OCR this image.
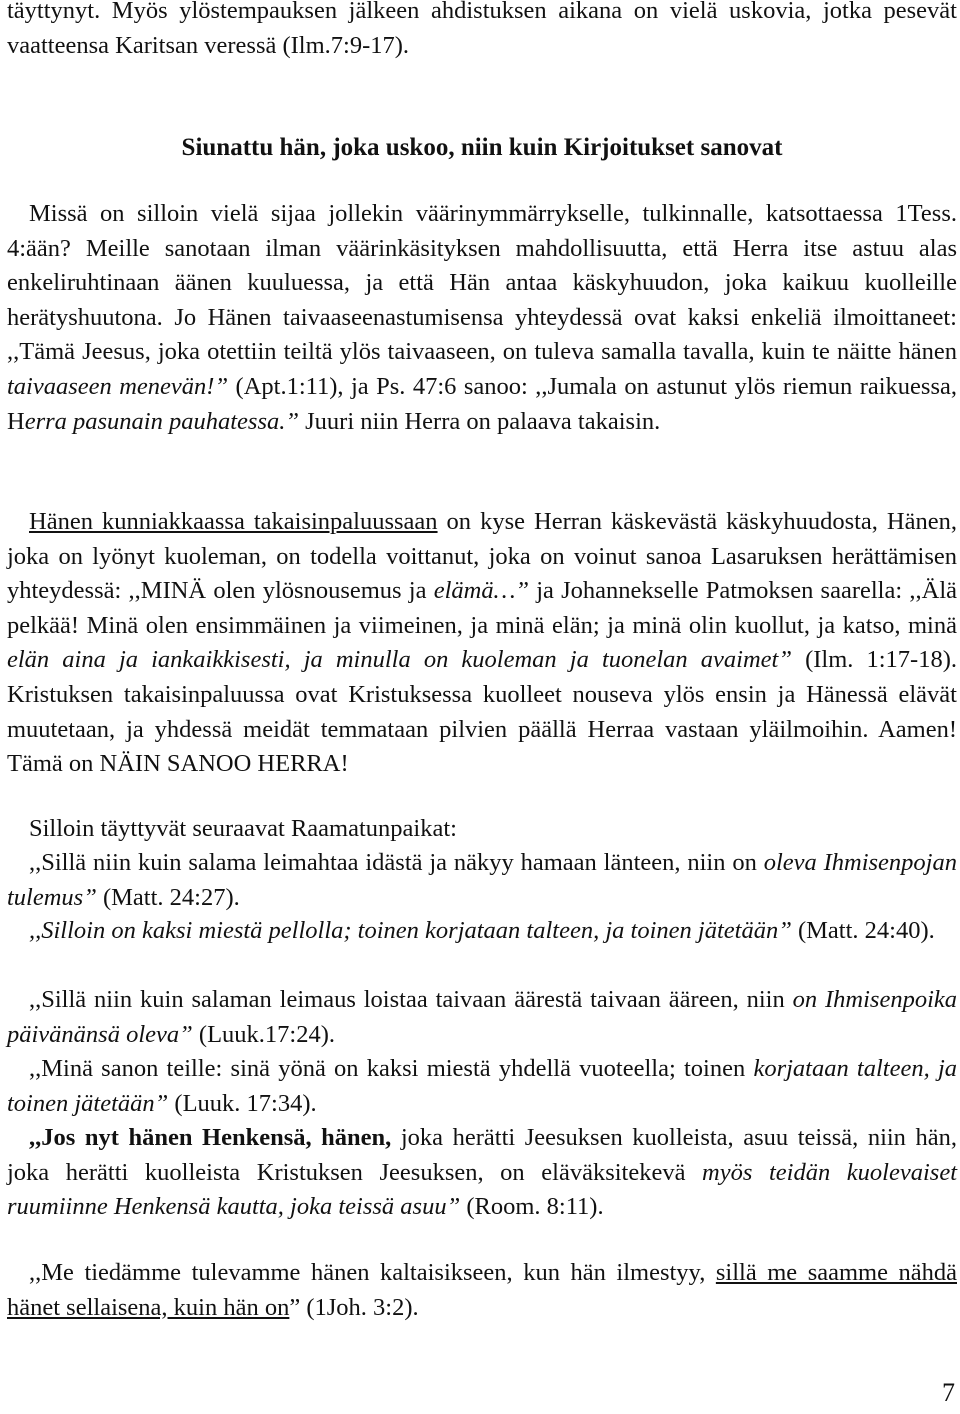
täyttynyt. Myös ylöstempauksen jälkeen ahdistuksen aikana on vielä uskovia, jotka pesevät vaatteensa Karitsan veressä (Ilm.7:9-17).

Siunattu hän, joka uskoo, niin kuin Kirjoitukset sanovat

Missä on silloin vielä sijaa jollekin väärinymmärrykselle, tulkinnalle, katsottaessa 1Tess. 4:ään? Meille sanotaan ilman väärinkäsityksen mahdollisuutta, että Herra itse astuu alas enkeliruhtinaan äänen kuuluessa, ja että Hän antaa käskyhuudon, joka kaikuu kuolleille herätyshuutona. Jo Hänen taivaaseenastumisensa yhteydessä ovat kaksi enkeliä ilmoittaneet: ,,Tämä Jeesus, joka otettiin teiltä ylös taivaaseen, on tuleva samalla tavalla, kuin te näitte hänen taivaaseen menevän!” (Apt.1:11), ja Ps. 47:6 sanoo: ,,Jumala on astunut ylös riemun raikuessa, Herra pasunain pauhatessa.” Juuri niin Herra on palaava takaisin.

Hänen kunniakkaassa takaisinpaluussaan on kyse Herran käskevästä käskyhuudosta, Hänen, joka on lyönyt kuoleman, on todella voittanut, joka on voinut sanoa Lasaruksen herättämisen yhteydessä: ,,MINÄ olen ylösnousemus ja elämä…” ja Johannekselle Patmoksen saarella: ,,Älä pelkää! Minä olen ensimmäinen ja viimeinen, ja minä elän; ja minä olin kuollut, ja katso, minä elän aina ja iankaikkisesti, ja minulla on kuoleman ja tuonelan avaimet” (Ilm. 1:17-18). Kristuksen takaisinpaluussa ovat Kristuksessa kuolleet nouseva ylös ensin ja Hänessä elävät muutetaan, ja yhdessä meidät temmataan pilvien päällä Herraa vastaan yläilmoihin. Aamen! Tämä on NÄIN SANOO HERRA!

Silloin täyttyvät seuraavat Raamatunpaikat:

,,Sillä niin kuin salama leimahtaa idästä ja näkyy hamaan länteen, niin on oleva Ihmisenpojan tulemus” (Matt. 24:27).

,,Silloin on kaksi miestä pellolla; toinen korjataan talteen, ja toinen jätetään” (Matt. 24:40).

,,Sillä niin kuin salaman leimaus loistaa taivaan äärestä taivaan ääreen, niin on Ihmisenpoika päivänänsä oleva” (Luuk.17:24).

,,Minä sanon teille: sinä yönä on kaksi miestä yhdellä vuoteella; toinen korjataan talteen, ja toinen jätetään” (Luuk. 17:34).

,,Jos nyt hänen Henkensä, hänen, joka herätti Jeesuksen kuolleista, asuu teissä, niin hän, joka herätti kuolleista Kristuksen Jeesuksen, on eläväksitekevä myös teidän kuolevaiset ruumiinne Henkensä kautta, joka teissä asuu” (Room. 8:11).

,,Me tiedämme tulevamme hänen kaltaisikseen, kun hän ilmestyy, sillä me saamme nähdä hänet sellaisena, kuin hän on” (1Joh. 3:2).

7
